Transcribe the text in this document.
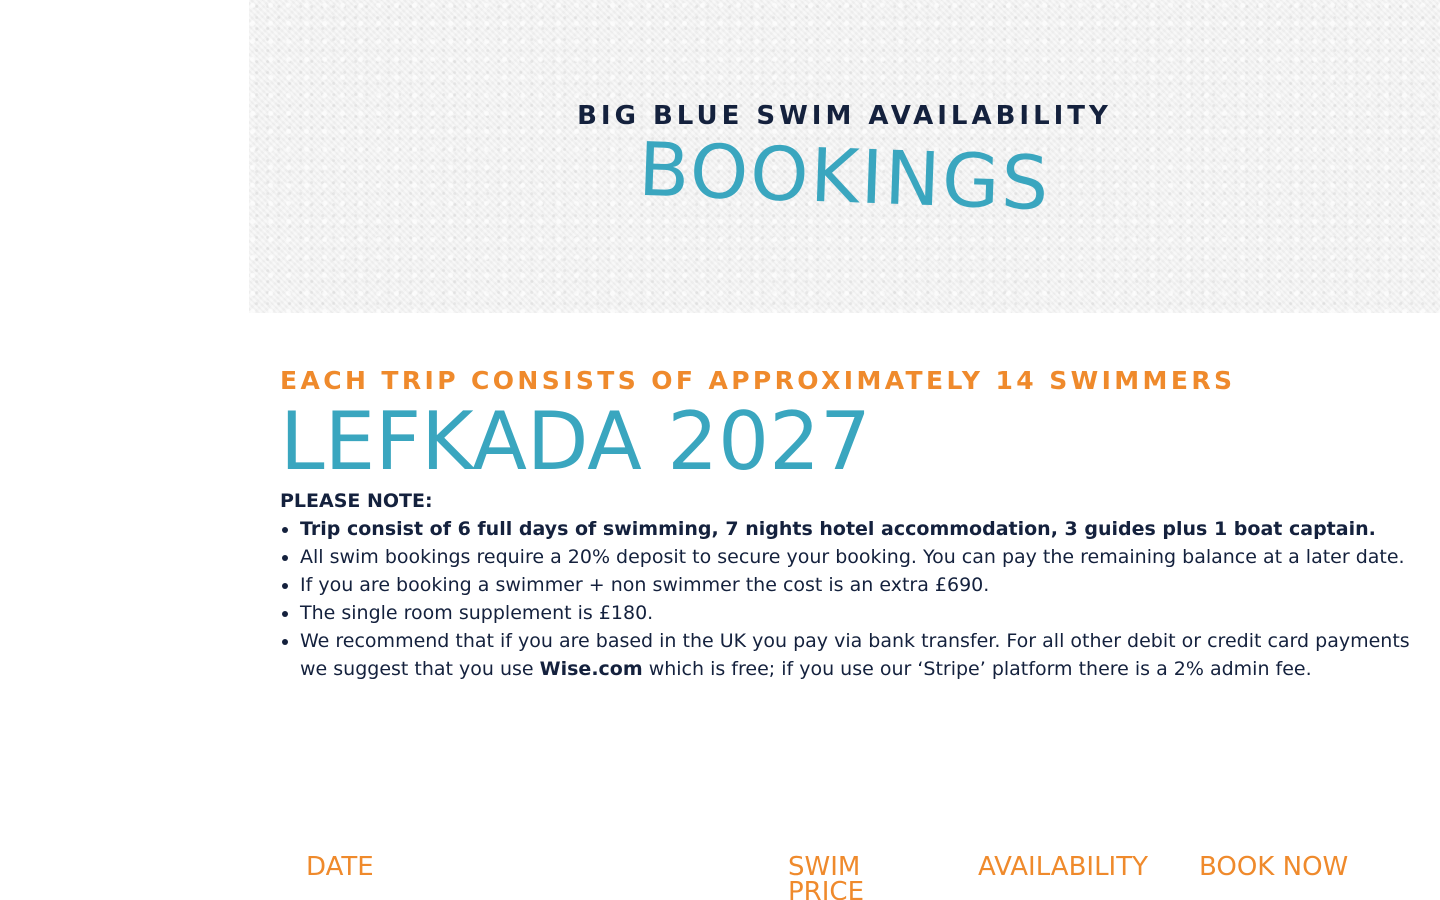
BIG BLUE SWIM AVAILABILITY
BOOKINGS
EACH TRIP CONSISTS OF APPROXIMATELY 14 SWIMMERS
LEFKADA 2027
PLEASE NOTE:
• Trip consist of 6 full days of swimming, 7 nights hotel accommodation, 3 guides plus 1 boat captain.
• All swim bookings require a 20% deposit to secure your booking. You can pay the remaining balance at a later date.
• If you are booking a swimmer + non swimmer the cost is an extra £690.
• The single room supplement is £180.
• We recommend that if you are based in the UK you pay via bank transfer. For all other debit or credit card payments we suggest that you use Wise.com which is free; if you use our ‘Stripe’ platform there is a 2% admin fee.
DATE	SWIM PRICE
AVAILABILITY BOOK NOW
